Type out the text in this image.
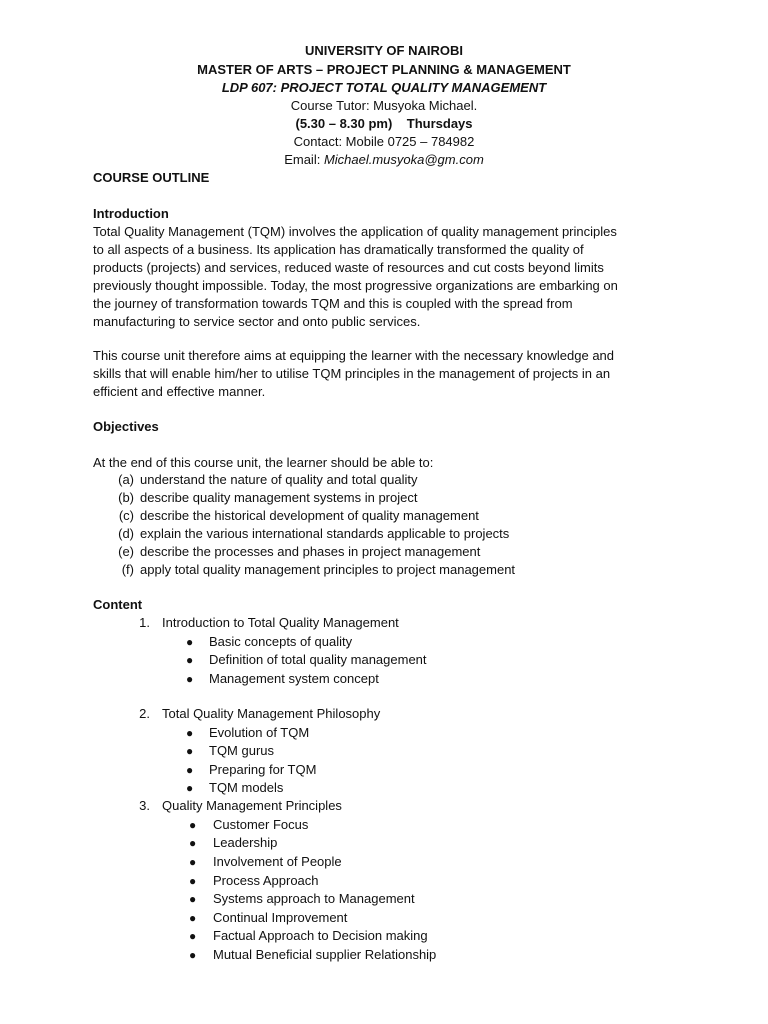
UNIVERSITY OF NAIROBI
MASTER OF ARTS – PROJECT PLANNING & MANAGEMENT
LDP 607: PROJECT TOTAL QUALITY MANAGEMENT
Course Tutor: Musyoka Michael.
(5.30 – 8.30 pm) Thursdays
Contact: Mobile 0725 – 784982
Email: Michael.musyoka@gm.com
COURSE OUTLINE
Introduction
Total Quality Management (TQM) involves the application of quality management principles
to all aspects of a business. Its application has dramatically transformed the quality of
products (projects) and services, reduced waste of resources and cut costs beyond limits
previously thought impossible. Today, the most progressive organizations are embarking on
the journey of transformation towards TQM and this is coupled with the spread from
manufacturing to service sector and onto public services.
This course unit therefore aims at equipping the learner with the necessary knowledge and
skills that will enable him/her to utilise TQM principles in the management of projects in an
efficient and effective manner.
Objectives
At the end of this course unit, the learner should be able to:
(a) understand the nature of quality and total quality
(b) describe quality management systems in project
(c) describe the historical development of quality management
(d) explain the various international standards applicable to projects
(e) describe the processes and phases in project management
(f) apply total quality management principles to project management
Content
1. Introduction to Total Quality Management
● Basic concepts of quality
● Definition of total quality management
● Management system concept
2. Total Quality Management Philosophy
● Evolution of TQM
● TQM gurus
● Preparing for TQM
● TQM models
3. Quality Management Principles
● Customer Focus
● Leadership
● Involvement of People
● Process Approach
● Systems approach to Management
● Continual Improvement
● Factual Approach to Decision making
● Mutual Beneficial supplier Relationship
